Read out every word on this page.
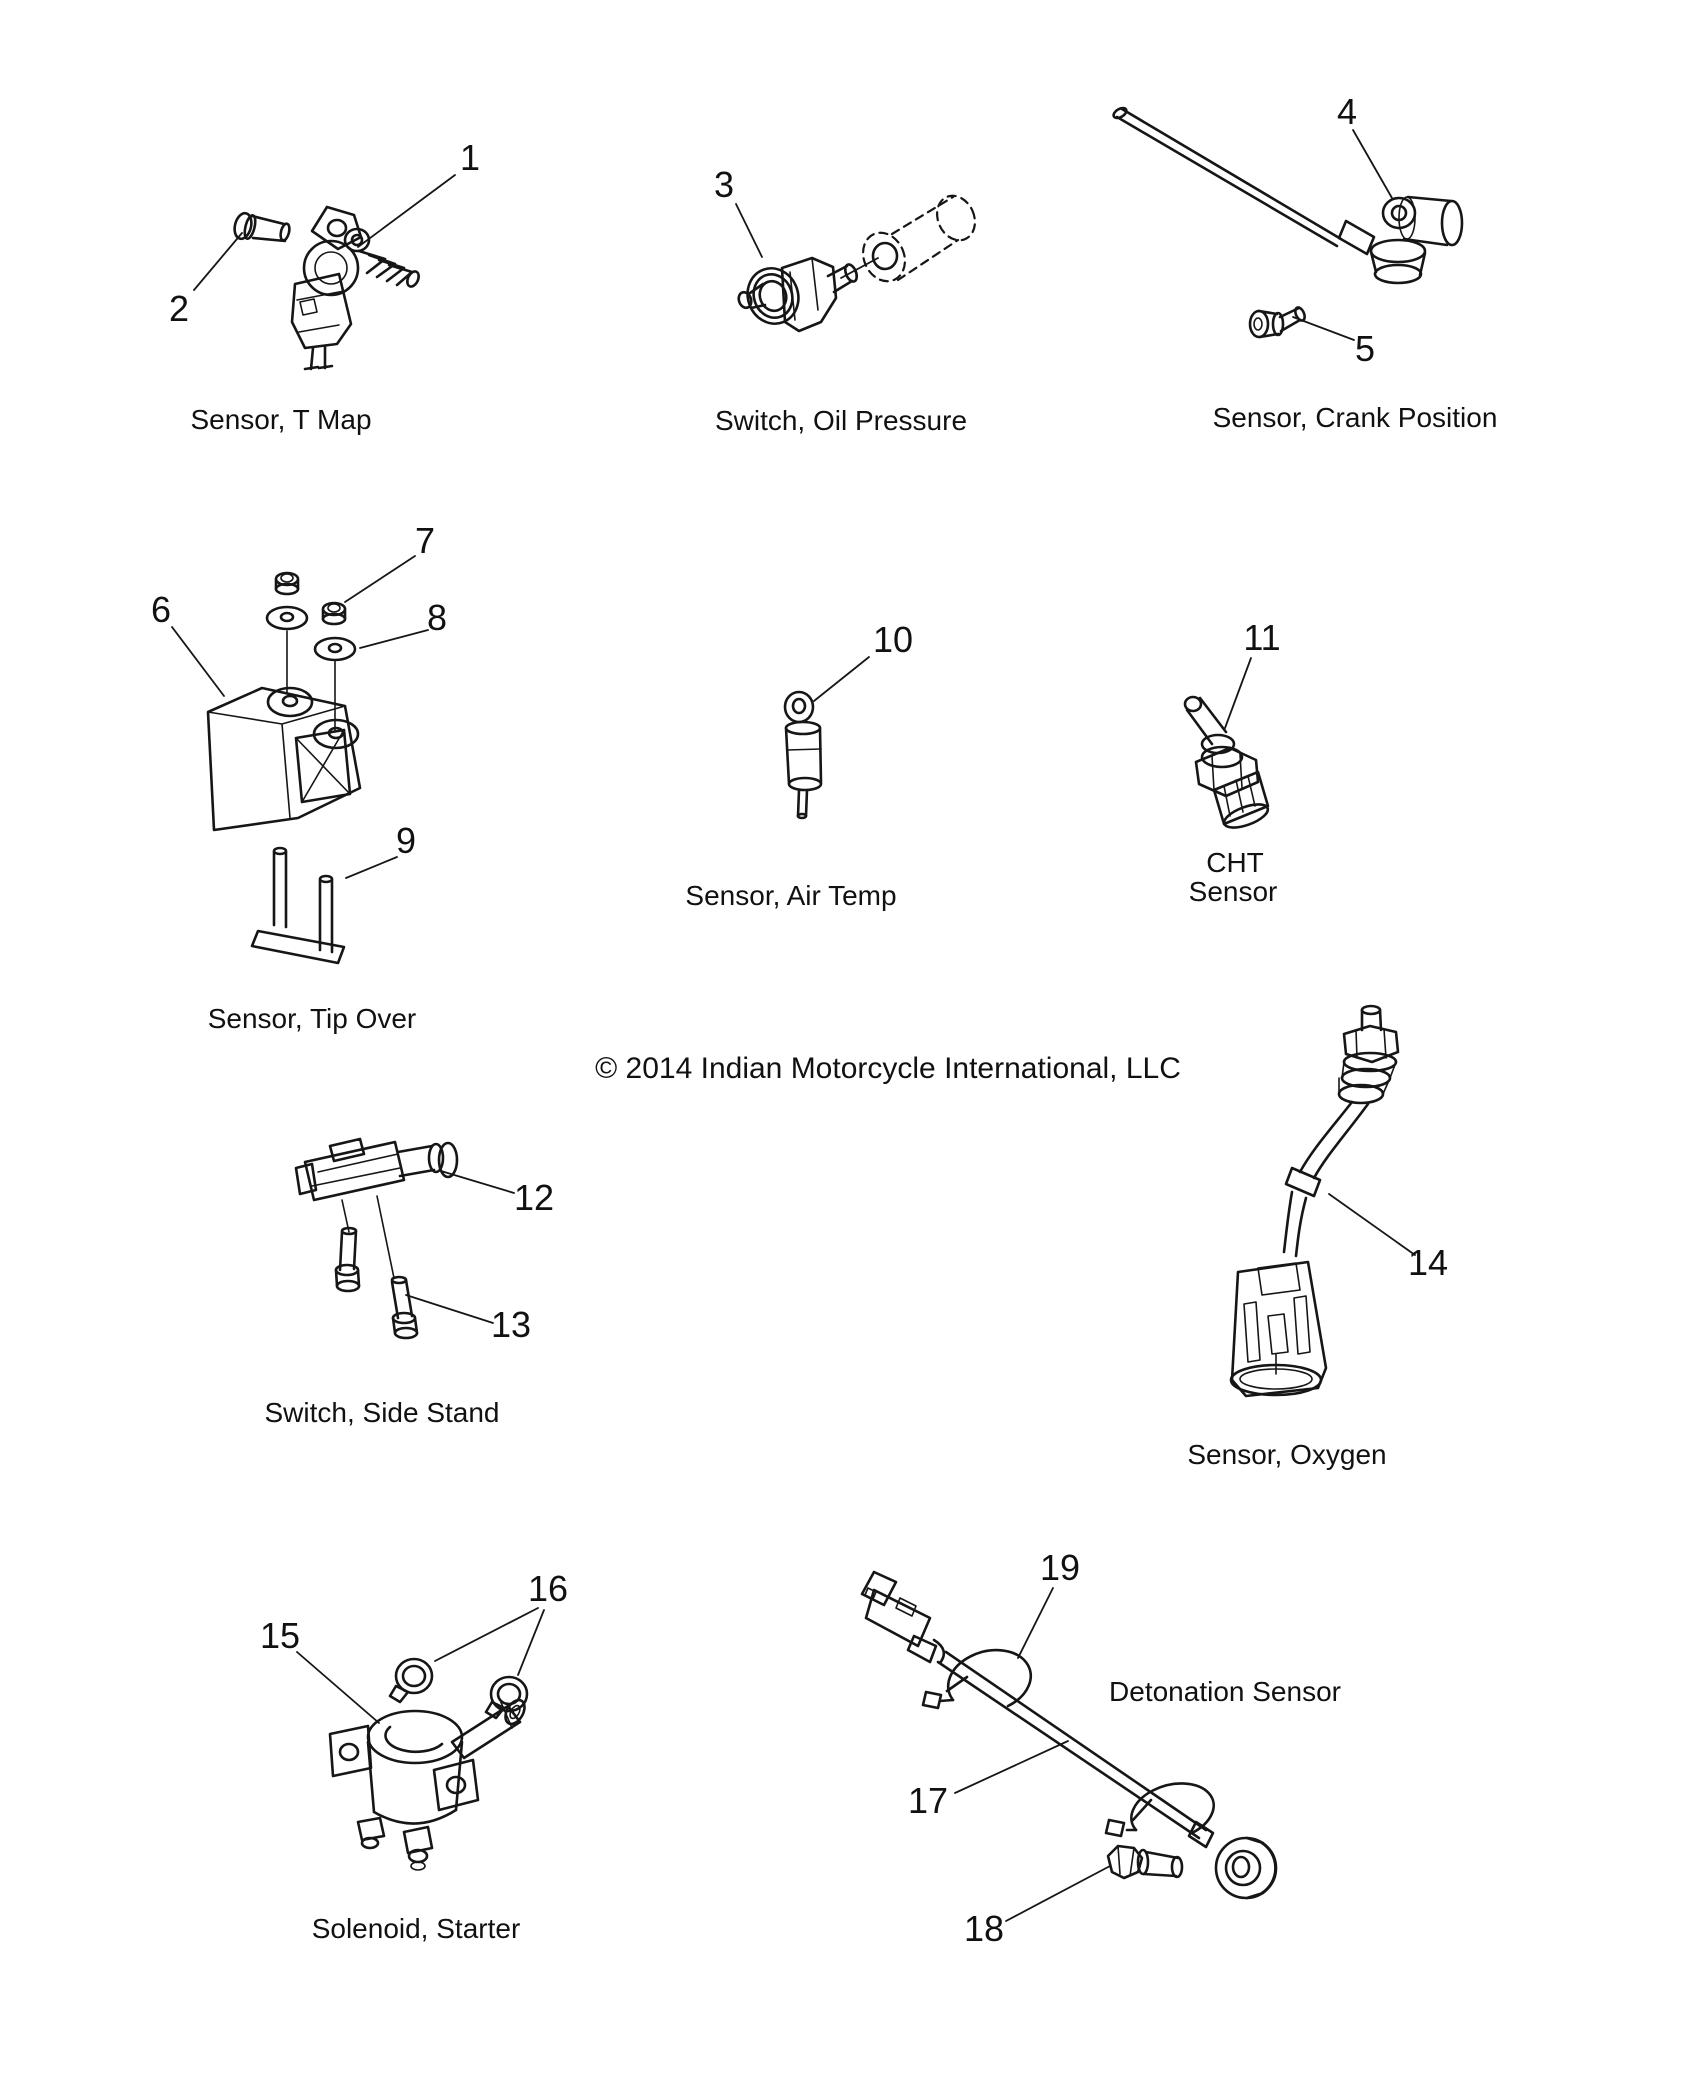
1
2
Sensor, T Map
3
Switch, Oil Pressure
4
5
Sensor, Crank Position
6
7
8
9
Sensor, Tip Over
10
Sensor, Air Temp
11
CHT
Sensor
12
13
Switch, Side Stand
14
Sensor, Oxygen
15
16
Solenoid, Starter
17
18
19
Detonation Sensor
© 2014 Indian Motorcycle International, LLC
